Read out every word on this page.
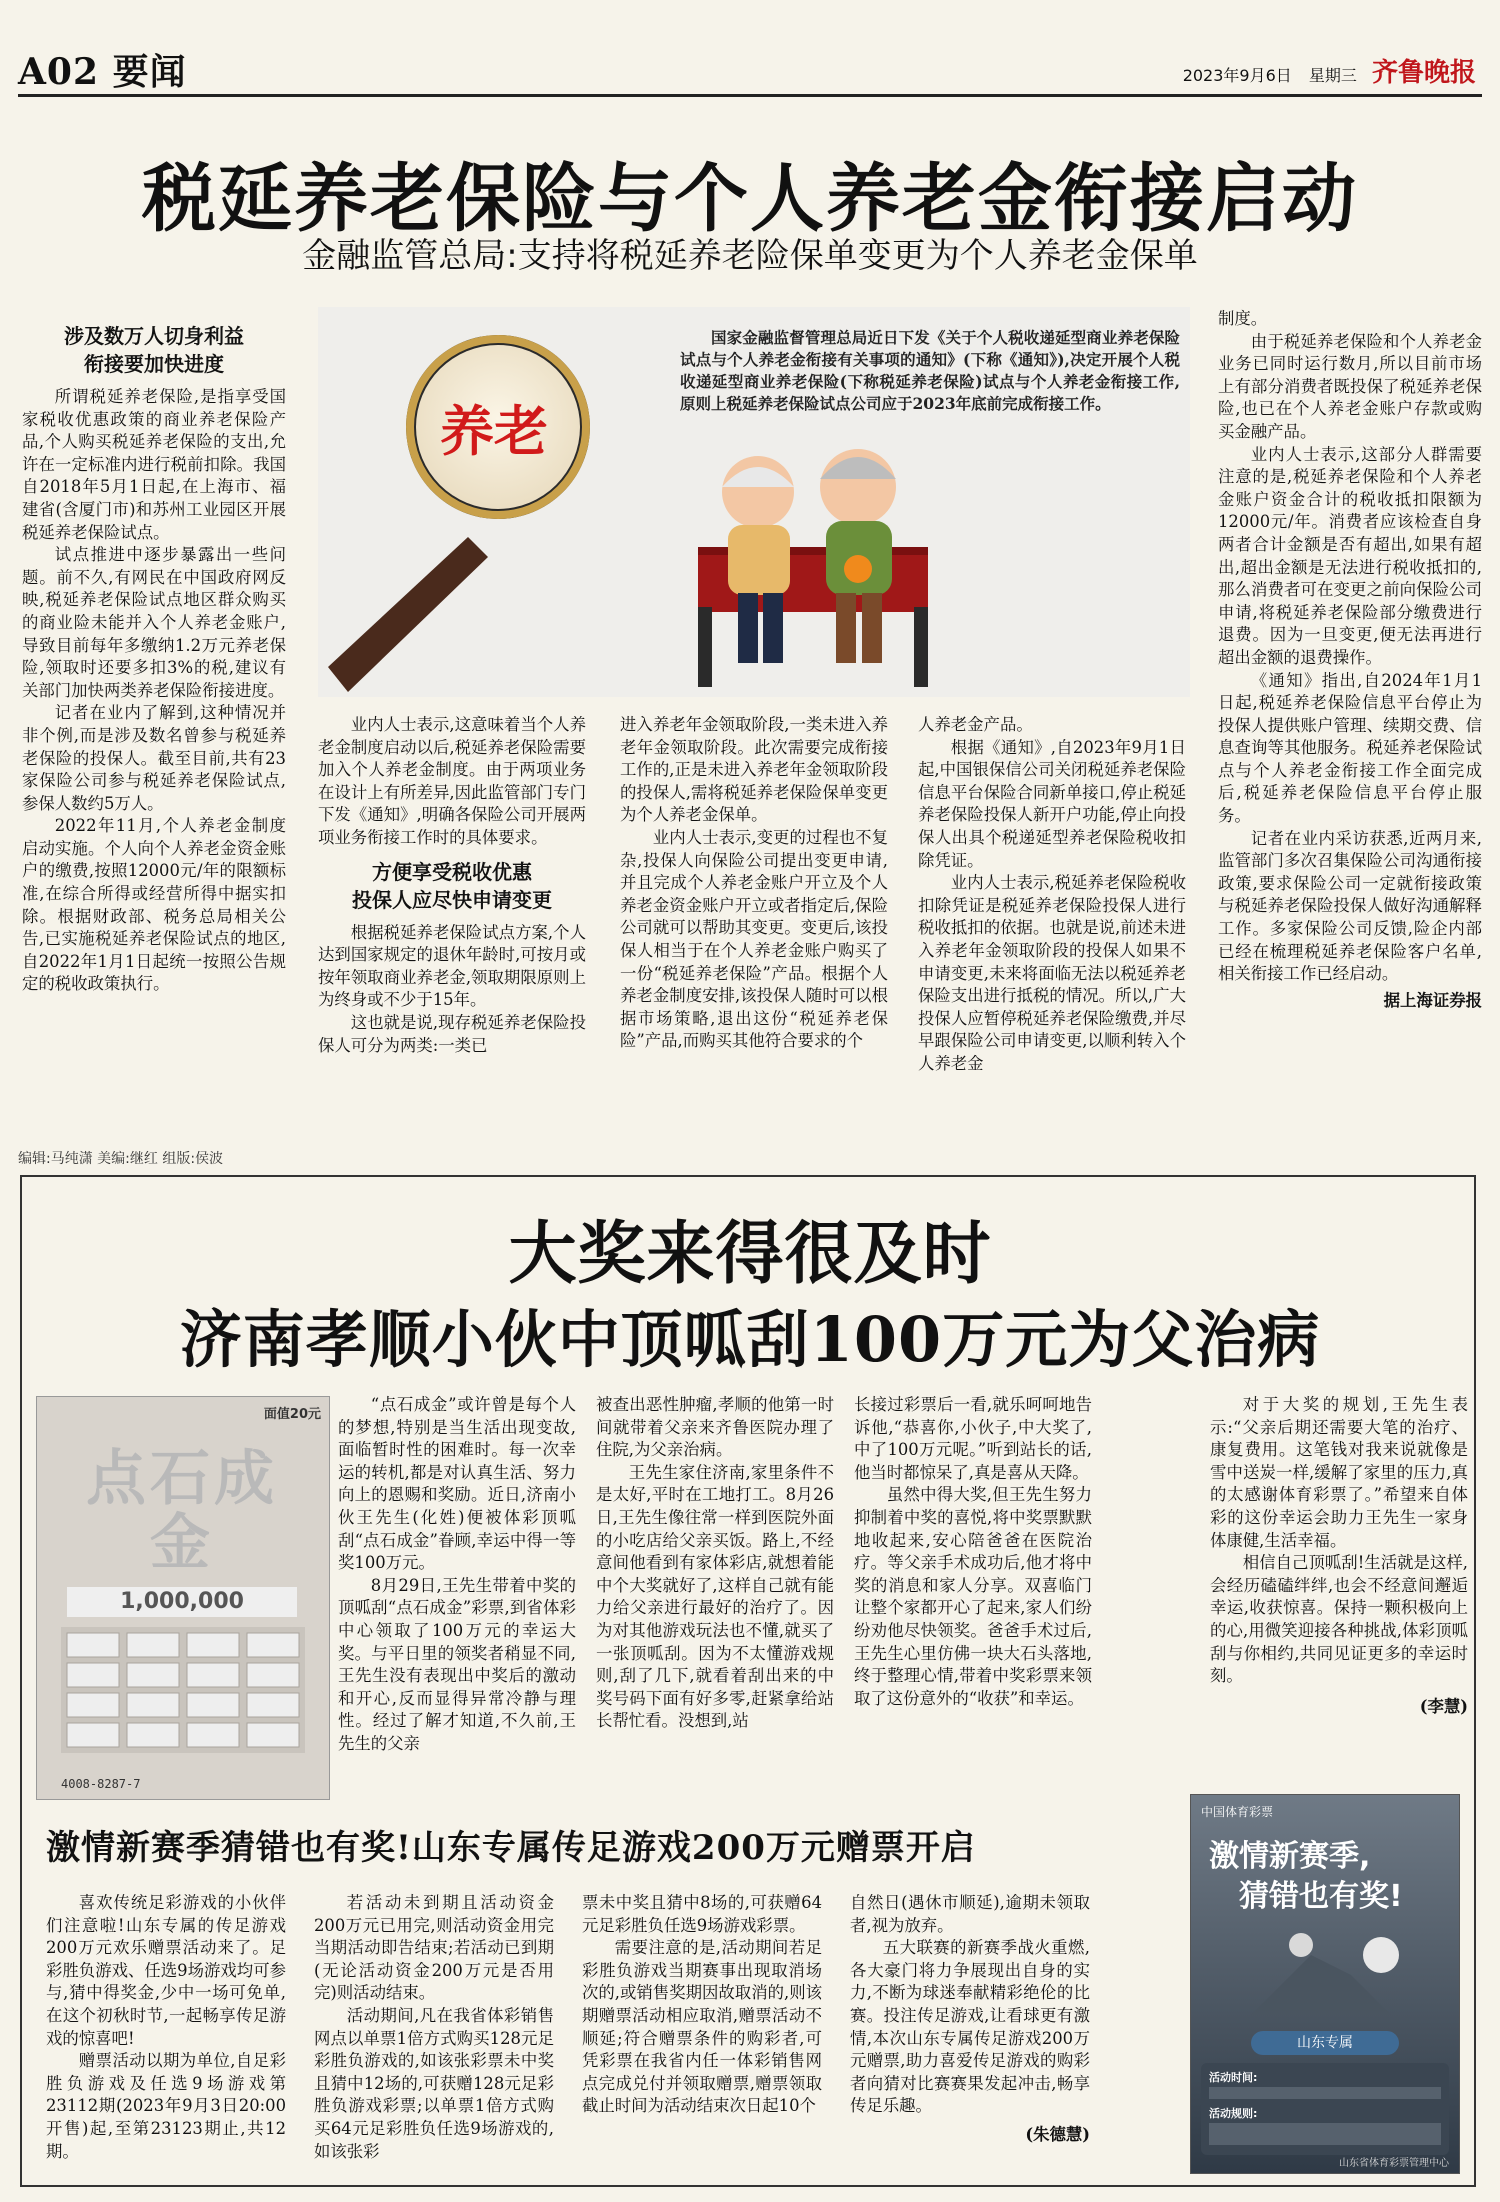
A02 要闻	2023年9月6日 星期三 齐鲁晚报
税延养老保险与个人养老金衔接启动
金融监管总局:支持将税延养老险保单变更为个人养老金保单
涉及数万人切身利益
衔接要加快进度

所谓税延养老保险,是指享受国家税收优惠政策的商业养老保险产品,个人购买税延养老保险的支出,允许在一定标准内进行税前扣除。我国自2018年5月1日起,在上海市、福建省(含厦门市)和苏州工业园区开展税延养老保险试点。

试点推进中逐步暴露出一些问题。前不久,有网民在中国政府网反映,税延养老保险试点地区群众购买的商业险未能并入个人养老金账户,导致目前每年多缴纳1.2万元养老保险,领取时还要多扣3%的税,建议有关部门加快两类养老保险衔接进度。

记者在业内了解到,这种情况并非个例,而是涉及数名曾参与税延养老保险的投保人。截至目前,共有23家保险公司参与税延养老保险试点,参保人数约5万人。

2022年11月,个人养老金制度启动实施。个人向个人养老金资金账户的缴费,按照12000元/年的限额标准,在综合所得或经营所得中据实扣除。根据财政部、税务总局相关公告,已实施税延养老保险试点的地区,自2022年1月1日起统一按照公告规定的税收政策执行。

养老
国家金融监督管理总局近日下发《关于个人税收递延型商业养老保险试点与个人养老金衔接有关事项的通知》(下称《通知》),决定开展个人税收递延型商业养老保险(下称税延养老保险)试点与个人养老金衔接工作,原则上税延养老保险试点公司应于2023年底前完成衔接工作。

业内人士表示,这意味着当个人养老金制度启动以后,税延养老保险需要加入个人养老金制度。由于两项业务在设计上有所差异,因此监管部门专门下发《通知》,明确各保险公司开展两项业务衔接工作时的具体要求。

方便享受税收优惠
投保人应尽快申请变更

根据税延养老保险试点方案,个人达到国家规定的退休年龄时,可按月或按年领取商业养老金,领取期限原则上为终身或不少于15年。

这也就是说,现存税延养老保险投保人可分为两类:一类已

进入养老年金领取阶段,一类未进入养老年金领取阶段。此次需要完成衔接工作的,正是未进入养老年金领取阶段的投保人,需将税延养老保险保单变更为个人养老金保单。

业内人士表示,变更的过程也不复杂,投保人向保险公司提出变更申请,并且完成个人养老金账户开立及个人养老金资金账户开立或者指定后,保险公司就可以帮助其变更。变更后,该投保人相当于在个人养老金账户购买了一份“税延养老保险”产品。根据个人养老金制度安排,该投保人随时可以根据市场策略,退出这份“税延养老保险”产品,而购买其他符合要求的个

人养老金产品。

根据《通知》,自2023年9月1日起,中国银保信公司关闭税延养老保险信息平台保险合同新单接口,停止税延养老保险投保人新开户功能,停止向投保人出具个税递延型养老保险税收扣除凭证。

业内人士表示,税延养老保险税收扣除凭证是税延养老保险投保人进行税收抵扣的依据。也就是说,前述未进入养老年金领取阶段的投保人如果不申请变更,未来将面临无法以税延养老保险支出进行抵税的情况。所以,广大投保人应暂停税延养老保险缴费,并尽早跟保险公司申请变更,以顺利转入个人养老金

制度。

由于税延养老保险和个人养老金业务已同时运行数月,所以目前市场上有部分消费者既投保了税延养老保险,也已在个人养老金账户存款或购买金融产品。

业内人士表示,这部分人群需要注意的是,税延养老保险和个人养老金账户资金合计的税收抵扣限额为12000元/年。消费者应该检查自身两者合计金额是否有超出,如果有超出,超出金额是无法进行税收抵扣的,那么消费者可在变更之前向保险公司申请,将税延养老保险部分缴费进行退费。因为一旦变更,便无法再进行超出金额的退费操作。

《通知》指出,自2024年1月1日起,税延养老保险信息平台停止为投保人提供账户管理、续期交费、信息查询等其他服务。税延养老保险试点与个人养老金衔接工作全面完成后,税延养老保险信息平台停止服务。

记者在业内采访获悉,近两月来,监管部门多次召集保险公司沟通衔接政策,要求保险公司一定就衔接政策与税延养老保险投保人做好沟通解释工作。多家保险公司反馈,险企内部已经在梳理税延养老保险客户名单,相关衔接工作已经启动。

据上海证券报
编辑:马纯潇 美编:继红 组版:侯波
大奖来得很及时
济南孝顺小伙中顶呱刮100万元为父治病
面值20元
点石成金
1,000,000
4008-8287-7

“点石成金”或许曾是每个人的梦想,特别是当生活出现变故,面临暂时性的困难时。每一次幸运的转机,都是对认真生活、努力向上的恩赐和奖励。近日,济南小伙王先生(化姓)便被体彩顶呱刮“点石成金”眷顾,幸运中得一等奖100万元。

8月29日,王先生带着中奖的顶呱刮“点石成金”彩票,到省体彩中心领取了100万元的幸运大奖。与平日里的领奖者稍显不同,王先生没有表现出中奖后的激动和开心,反而显得异常冷静与理性。经过了解才知道,不久前,王先生的父亲

被查出恶性肿瘤,孝顺的他第一时间就带着父亲来齐鲁医院办理了住院,为父亲治病。

王先生家住济南,家里条件不是太好,平时在工地打工。8月26日,王先生像往常一样到医院外面的小吃店给父亲买饭。路上,不经意间他看到有家体彩店,就想着能中个大奖就好了,这样自己就有能力给父亲进行最好的治疗了。因为对其他游戏玩法也不懂,就买了一张顶呱刮。因为不太懂游戏规则,刮了几下,就看着刮出来的中奖号码下面有好多零,赶紧拿给站长帮忙看。没想到,站

长接过彩票后一看,就乐呵呵地告诉他,“恭喜你,小伙子,中大奖了,中了100万元呢。”听到站长的话,他当时都惊呆了,真是喜从天降。

虽然中得大奖,但王先生努力抑制着中奖的喜悦,将中奖票默默地收起来,安心陪爸爸在医院治疗。等父亲手术成功后,他才将中奖的消息和家人分享。双喜临门让整个家都开心了起来,家人们纷纷劝他尽快领奖。爸爸手术过后,王先生心里仿佛一块大石头落地,终于整理心情,带着中奖彩票来领取了这份意外的“收获”和幸运。

对于大奖的规划,王先生表示:“父亲后期还需要大笔的治疗、康复费用。这笔钱对我来说就像是雪中送炭一样,缓解了家里的压力,真的太感谢体育彩票了。”希望来自体彩的这份幸运会助力王先生一家身体康健,生活幸福。

相信自己顶呱刮!生活就是这样,会经历磕磕绊绊,也会不经意间邂逅幸运,收获惊喜。保持一颗积极向上的心,用微笑迎接各种挑战,体彩顶呱刮与你相约,共同见证更多的幸运时刻。

(李慧)
激情新赛季猜错也有奖!山东专属传足游戏200万元赠票开启

喜欢传统足彩游戏的小伙伴们注意啦!山东专属的传足游戏200万元欢乐赠票活动来了。足彩胜负游戏、任选9场游戏均可参与,猜中得奖金,少中一场可免单,在这个初秋时节,一起畅享传足游戏的惊喜吧!

赠票活动以期为单位,自足彩胜负游戏及任选9场游戏第23112期(2023年9月3日20:00开售)起,至第23123期止,共12期。

若活动未到期且活动资金200万元已用完,则活动资金用完当期活动即告结束;若活动已到期(无论活动资金200万元是否用完)则活动结束。

活动期间,凡在我省体彩销售网点以单票1倍方式购买128元足彩胜负游戏的,如该张彩票未中奖且猜中12场的,可获赠128元足彩胜负游戏彩票;以单票1倍方式购买64元足彩胜负任选9场游戏的,如该张彩

票未中奖且猜中8场的,可获赠64元足彩胜负任选9场游戏彩票。

需要注意的是,活动期间若足彩胜负游戏当期赛事出现取消场次的,或销售奖期因故取消的,则该期赠票活动相应取消,赠票活动不顺延;符合赠票条件的购彩者,可凭彩票在我省内任一体彩销售网点完成兑付并领取赠票,赠票领取截止时间为活动结束次日起10个

自然日(遇休市顺延),逾期未领取者,视为放弃。

五大联赛的新赛季战火重燃,各大豪门将力争展现出自身的实力,不断为球迷奉献精彩绝伦的比赛。投注传足游戏,让看球更有激情,本次山东专属传足游戏200万元赠票,助力喜爱传足游戏的购彩者向猜对比赛赛果发起冲击,畅享传足乐趣。

(朱德慧)
中国体育彩票
激情新赛季,
猜错也有奖!
山东专属
活动时间:
活动规则:
山东省体育彩票管理中心
